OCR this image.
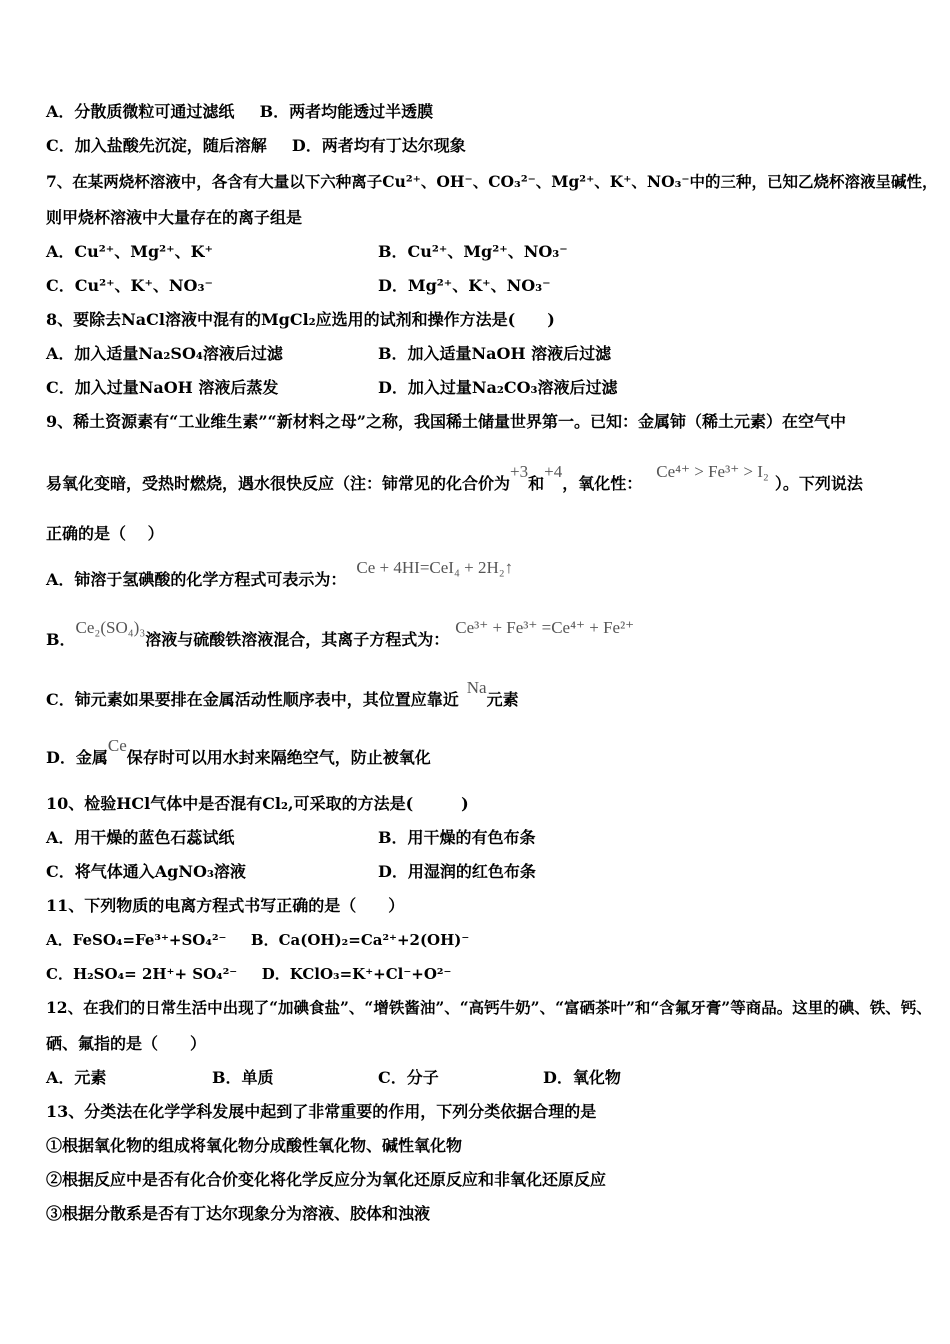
A．分散质微粒可通过滤纸 B．两者均能透过半透膜
C．加入盐酸先沉淀，随后溶解 D．两者均有丁达尔现象
7、在某两烧杯溶液中，各含有大量以下六种离子Cu²⁺、OH⁻、CO₃²⁻、Mg²⁺、K⁺、NO₃⁻中的三种，已知乙烧杯溶液呈碱性，
则甲烧杯溶液中大量存在的离子组是
A．Cu²⁺、Mg²⁺、K⁺	B．Cu²⁺、Mg²⁺、NO₃⁻
C．Cu²⁺、K⁺、NO₃⁻	D．Mg²⁺、K⁺、NO₃⁻
8、要除去NaCl溶液中混有的MgCl₂应选用的试剂和操作方法是(　　)
A．加入适量Na₂SO₄溶液后过滤	B．加入适量NaOH 溶液后过滤
C．加入过量NaOH 溶液后蒸发	D．加入过量Na₂CO₃溶液后过滤
9、稀土资源素有“工业维生素”“新材料之母”之称，我国稀土储量世界第一。已知：金属铈（稀土元素）在空气中
易氧化变暗，受热时燃烧，遇水很快反应（注：铈常见的化合价为+3和+4，氧化性：Ce⁴⁺ > Fe³⁺ > I₂）。下列说法
正确的是（　 ）
A．铈溶于氢碘酸的化学方程式可表示为：Ce + 4HI=CeI₄ + 2H₂↑
B．Ce₂(SO₄)₃溶液与硫酸铁溶液混合，其离子方程式为：Ce³⁺ + Fe³⁺ =Ce⁴⁺ + Fe²⁺
C．铈元素如果要排在金属活动性顺序表中，其位置应靠近Na元素
D．金属Ce保存时可以用水封来隔绝空气，防止被氧化
10、检验HCl气体中是否混有Cl₂,可采取的方法是(　　　)
A．用干燥的蓝色石蕊试纸	B．用干燥的有色布条
C．将气体通入AgNO₃溶液	D．用湿润的红色布条
11、下列物质的电离方程式书写正确的是（　　）
A．FeSO₄=Fe³⁺+SO₄²⁻ B．Ca(OH)₂=Ca²⁺+2(OH)⁻
C．H₂SO₄= 2H⁺+ SO₄²⁻ D．KClO₃=K⁺+Cl⁻+O²⁻
12、在我们的日常生活中出现了“加碘食盐”、“增铁酱油”、“高钙牛奶”、“富硒茶叶”和“含氟牙膏”等商品。这里的碘、铁、钙、
硒、氟指的是（　　）
A．元素	B．单质	C．分子	D．氧化物
13、分类法在化学学科发展中起到了非常重要的作用，下列分类依据合理的是
①根据氧化物的组成将氧化物分成酸性氧化物、碱性氧化物
②根据反应中是否有化合价变化将化学反应分为氧化还原反应和非氧化还原反应
③根据分散系是否有丁达尔现象分为溶液、胶体和浊液
